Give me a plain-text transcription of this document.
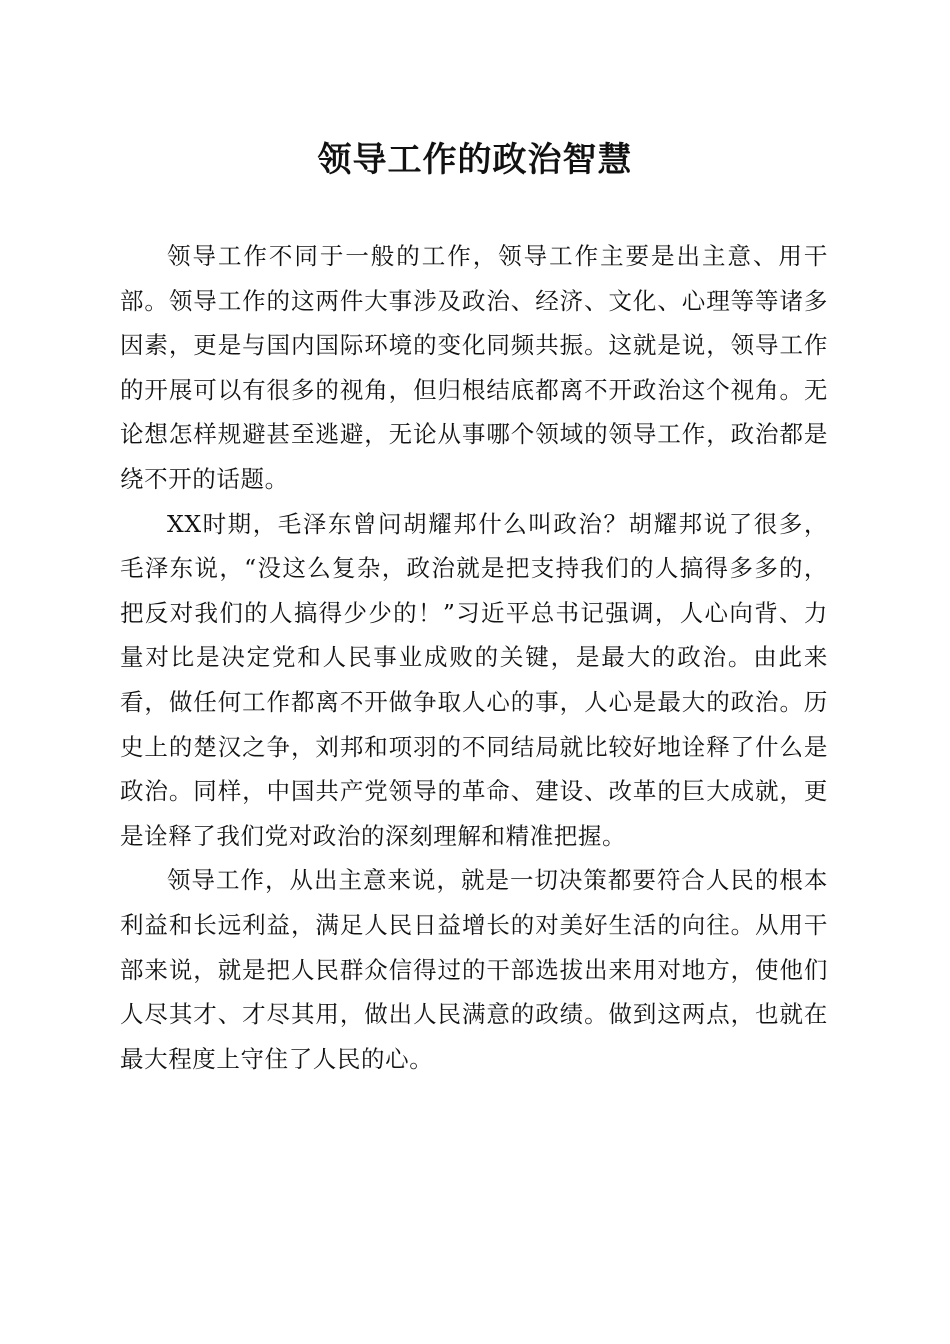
领导工作的政治智慧

领导工作不同于一般的工作，领导工作主要是出主意、用干部。领导工作的这两件大事涉及政治、经济、文化、心理等等诸多因素，更是与国内国际环境的变化同频共振。这就是说，领导工作的开展可以有很多的视角，但归根结底都离不开政治这个视角。无论想怎样规避甚至逃避，无论从事哪个领域的领导工作，政治都是绕不开的话题。

XX时期，毛泽东曾问胡耀邦什么叫政治？胡耀邦说了很多，毛泽东说，“没这么复杂，政治就是把支持我们的人搞得多多的，把反对我们的人搞得少少的！”习近平总书记强调，人心向背、力量对比是决定党和人民事业成败的关键，是最大的政治。由此来看，做任何工作都离不开做争取人心的事，人心是最大的政治。历史上的楚汉之争，刘邦和项羽的不同结局就比较好地诠释了什么是政治。同样，中国共产党领导的革命、建设、改革的巨大成就，更是诠释了我们党对政治的深刻理解和精准把握。

领导工作，从出主意来说，就是一切决策都要符合人民的根本利益和长远利益，满足人民日益增长的对美好生活的向往。从用干部来说，就是把人民群众信得过的干部选拔出来用对地方，使他们人尽其才、才尽其用，做出人民满意的政绩。做到这两点，也就在最大程度上守住了人民的心。
